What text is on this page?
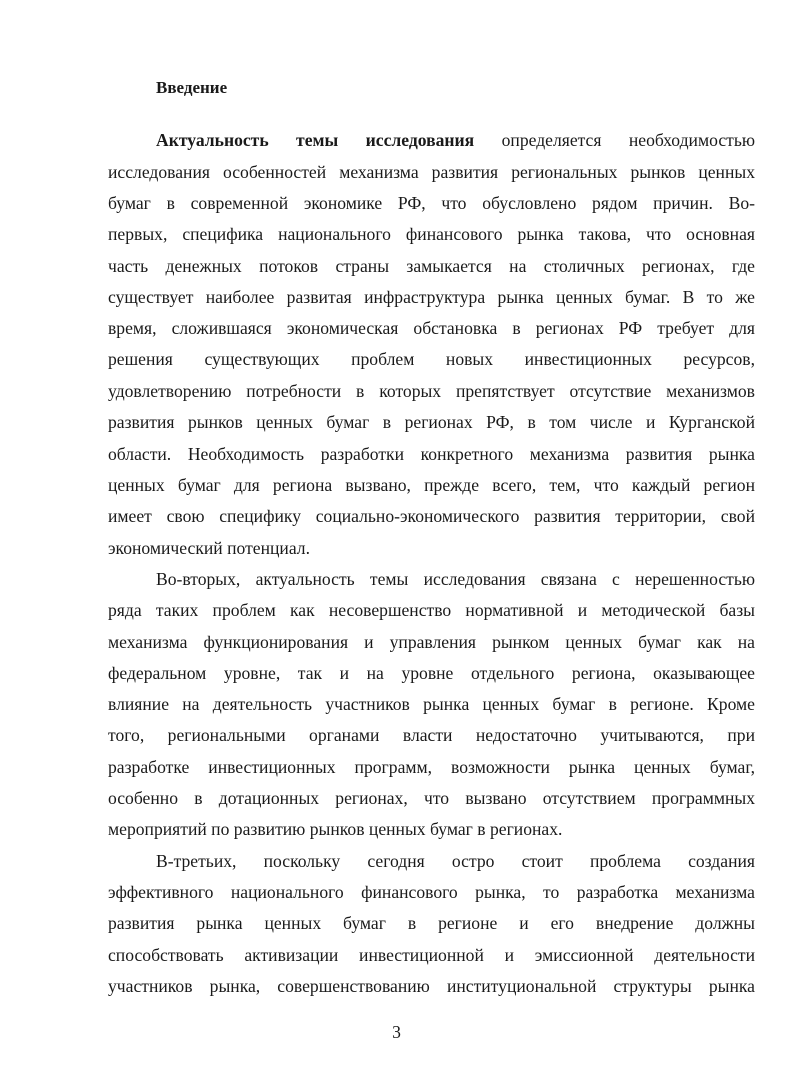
Введение
Актуальность темы исследования определяется необходимостью
исследования особенностей механизма развития региональных рынков ценных
бумаг в современной экономике РФ, что обусловлено рядом причин. Во-
первых, специфика национального финансового рынка такова, что основная
часть денежных потоков страны замыкается на столичных регионах, где
существует наиболее развитая инфраструктура рынка ценных бумаг. В то же
время, сложившаяся экономическая обстановка в регионах РФ требует для
решения существующих проблем новых инвестиционных ресурсов,
удовлетворению потребности в которых препятствует отсутствие механизмов
развития рынков ценных бумаг в регионах РФ, в том числе и Курганской
области. Необходимость разработки конкретного механизма развития рынка
ценных бумаг для региона вызвано, прежде всего, тем, что каждый регион
имеет свою специфику социально-экономического развития территории, свой
экономический потенциал.
Во-вторых, актуальность темы исследования связана с нерешенностью
ряда таких проблем как несовершенство нормативной и методической базы
механизма функционирования и управления рынком ценных бумаг как на
федеральном уровне, так и на уровне отдельного региона, оказывающее
влияние на деятельность участников рынка ценных бумаг в регионе. Кроме
того, региональными органами власти недостаточно учитываются, при
разработке инвестиционных программ, возможности рынка ценных бумаг,
особенно в дотационных регионах, что вызвано отсутствием программных
мероприятий по развитию рынков ценных бумаг в регионах.
В-третьих, поскольку сегодня остро стоит проблема создания
эффективного национального финансового рынка, то разработка механизма
развития рынка ценных бумаг в регионе и его внедрение должны
способствовать активизации инвестиционной и эмиссионной деятельности
участников рынка, совершенствованию институциональной структуры рынка
3
